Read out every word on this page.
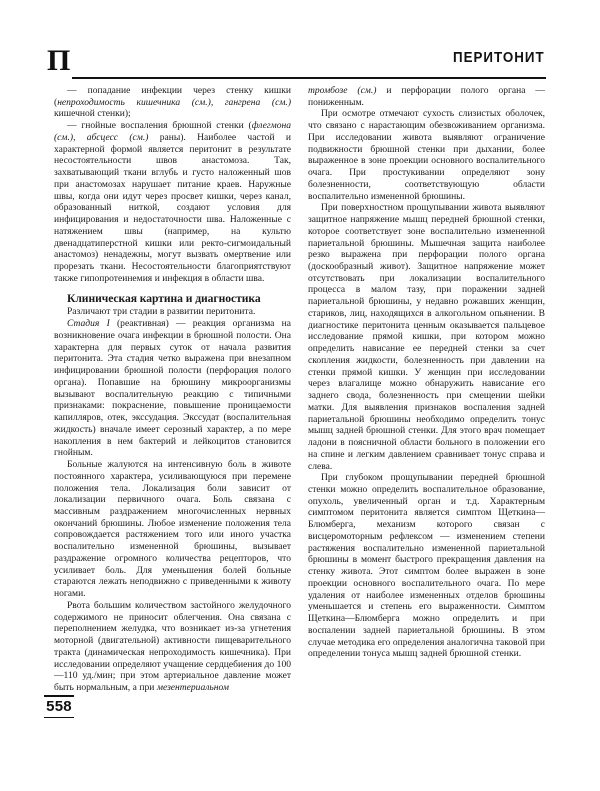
П	ПЕРИТОНИТ

— попадание инфекции через стенку кишки (непроходимость кишечника (см.), гангрена (см.) кишечной стенки);

— гнойные воспаления брюшной стенки (флегмона (см.), абсцесс (см.) раны). Наиболее частой и характерной формой является перитонит в результате несостоятельности швов анастомоза. Так, захватывающий ткани вглубь и густо наложенный шов при анастомозах нарушает питание краев. Наружные швы, когда они идут через просвет кишки, через канал, образованный ниткой, создают условия для инфицирования и недостаточности шва. Наложенные с натяжением швы (например, на культю двенадцатиперстной кишки или ректо-сигмоидальный анастомоз) ненадежны, могут вызвать омертвение или прорезать ткани. Несостоятельности благоприятствуют также гипопротеинемия и инфекция в области шва.

Клиническая картина и диагностика

Различают три стадии в развитии перитонита.

Стадия I (реактивная) — реакция организма на возникновение очага инфекции в брюшной полости. Она характерна для первых суток от начала развития перитонита. Эта стадия четко выражена при внезапном инфицировании брюшной полости (перфорация полого органа). Попавшие на брюшину микроорганизмы вызывают воспалительную реакцию с типичными признаками: покраснение, повышение проницаемости капилляров, отек, экссудация. Экссудат (воспалительная жидкость) вначале имеет серозный характер, а по мере накопления в нем бактерий и лейкоцитов становится гнойным.

Больные жалуются на интенсивную боль в животе постоянного характера, усиливающуюся при перемене положения тела. Локализация боли зависит от локализации первичного очага. Боль связана с массивным раздражением многочисленных нервных окончаний брюшины. Любое изменение положения тела сопровождается растяжением того или иного участка воспалительно измененной брюшины, вызывает раздражение огромного количества рецепторов, что усиливает боль. Для уменьшения болей больные стараются лежать неподвижно с приведенными к животу ногами.

Рвота большим количеством застойного желудочного содержимого не приносит облегчения. Она связана с переполнением желудка, что возникает из-за угнетения моторной (двигательной) активности пищеварительного тракта (динамическая непроходимость кишечника). При исследовании определяют учащение сердцебиения до 100—110 уд./мин; при этом артериальное давление может быть нормальным, а при мезентериальном

тромбозе (см.) и перфорации полого органа — пониженным.

При осмотре отмечают сухость слизистых оболочек, что связано с нарастающим обезвоживанием организма. При исследовании живота выявляют ограничение подвижности брюшной стенки при дыхании, более выраженное в зоне проекции основного воспалительного очага. При простукивании определяют зону болезненности, соответствующую области воспалительно измененной брюшины.

При поверхностном прощупывании живота выявляют защитное напряжение мышц передней брюшной стенки, которое соответствует зоне воспалительно измененной париетальной брюшины. Мышечная защита наиболее резко выражена при перфорации полого органа (доскообразный живот). Защитное напряжение может отсутствовать при локализации воспалительного процесса в малом тазу, при поражении задней париетальной брюшины, у недавно рожавших женщин, стариков, лиц, находящихся в алкогольном опьянении. В диагностике перитонита ценным оказывается пальцевое исследование прямой кишки, при котором можно определить нависание ее передней стенки за счет скопления жидкости, болезненность при давлении на стенки прямой кишки. У женщин при исследовании через влагалище можно обнаружить нависание его заднего свода, болезненность при смещении шейки матки. Для выявления признаков воспаления задней париетальной брюшины необходимо определить тонус мышц задней брюшной стенки. Для этого врач помещает ладони в поясничной области больного в положении его на спине и легким давлением сравнивает тонус справа и слева.

При глубоком прощупывании передней брюшной стенки можно определить воспалительное образование, опухоль, увеличенный орган и т.д. Характерным симптомом перитонита является симптом Щеткина—Блюмберга, механизм которого связан с висцеромоторным рефлексом — изменением степени растяжения воспалительно измененной париетальной брюшины в момент быстрого прекращения давления на стенку живота. Этот симптом более выражен в зоне проекции основного воспалительного очага. По мере удаления от наиболее измененных отделов брюшины уменьшается и степень его выраженности. Симптом Щеткина—Блюмберга можно определить и при воспалении задней париетальной брюшины. В этом случае методика его определения аналогична таковой при определении тонуса мышц задней брюшной стенки.

558
